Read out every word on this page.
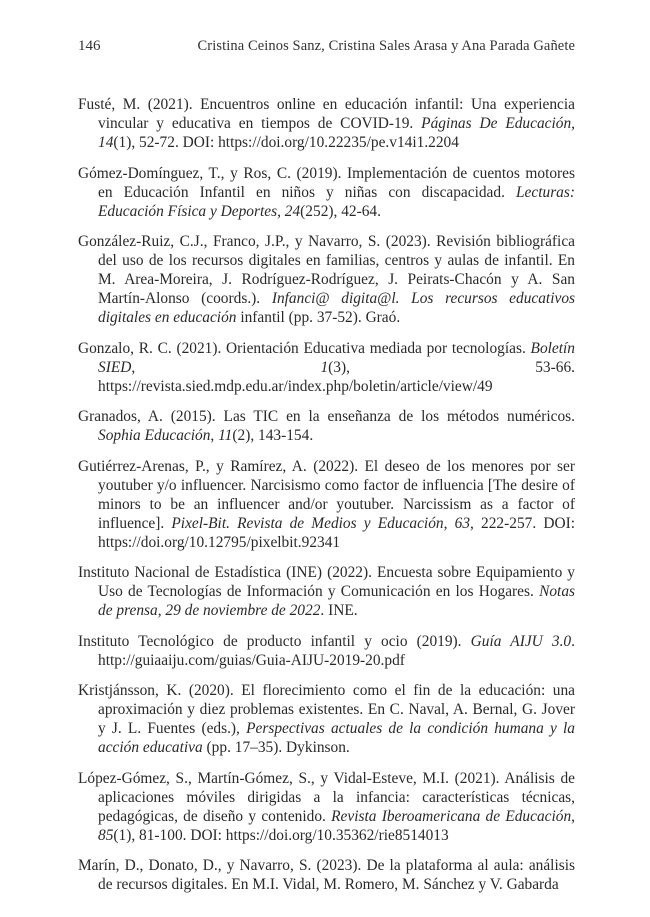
146	Cristina Ceinos Sanz, Cristina Sales Arasa y Ana Parada Gañete

Fusté, M. (2021). Encuentros online en educación infantil: Una experiencia vincular y educativa en tiempos de COVID-19. Páginas De Educación, 14(1), 52-72. DOI: https://doi.org/10.22235/pe.v14i1.2204

Gómez-Domínguez, T., y Ros, C. (2019). Implementación de cuentos motores en Educación Infantil en niños y niñas con discapacidad. Lecturas: Educación Física y Deportes, 24(252), 42-64.

González-Ruiz, C.J., Franco, J.P., y Navarro, S. (2023). Revisión bibliográfica del uso de los recursos digitales en familias, centros y aulas de infantil. En M. Area-Moreira, J. Rodríguez-Rodríguez, J. Peirats-Chacón y A. San Martín-Alonso (coords.). Infanci@ digita@l. Los recursos educativos digitales en educación infantil (pp. 37-52). Graó.

Gonzalo, R. C. (2021). Orientación Educativa mediada por tecnologías. Boletín SIED, 1(3), 53-66. https://revista.sied.mdp.edu.ar/index.php/boletin/article/view/49

Granados, A. (2015). Las TIC en la enseñanza de los métodos numéricos. Sophia Educación, 11(2), 143-154.

Gutiérrez-Arenas, P., y Ramírez, A. (2022). El deseo de los menores por ser youtuber y/o influencer. Narcisismo como factor de influencia [The desire of minors to be an influencer and/or youtuber. Narcissism as a factor of influence]. Pixel-Bit. Revista de Medios y Educación, 63, 222-257. DOI: https://doi.org/10.12795/pixelbit.92341

Instituto Nacional de Estadística (INE) (2022). Encuesta sobre Equipamiento y Uso de Tecnologías de Información y Comunicación en los Hogares. Notas de prensa, 29 de noviembre de 2022. INE.

Instituto Tecnológico de producto infantil y ocio (2019). Guía AIJU 3.0. http://guiaaiju.com/guias/Guia-AIJU-2019-20.pdf

Kristjánsson, K. (2020). El florecimiento como el fin de la educación: una aproximación y diez problemas existentes. En C. Naval, A. Bernal, G. Jover y J. L. Fuentes (eds.), Perspectivas actuales de la condición humana y la acción educativa (pp. 17–35). Dykinson.

López-Gómez, S., Martín-Gómez, S., y Vidal-Esteve, M.I. (2021). Análisis de aplicaciones móviles dirigidas a la infancia: características técnicas, pedagógicas, de diseño y contenido. Revista Iberoamericana de Educación, 85(1), 81-100. DOI: https://doi.org/10.35362/rie8514013

Marín, D., Donato, D., y Navarro, S. (2023). De la plataforma al aula: análisis de recursos digitales. En M.I. Vidal, M. Romero, M. Sánchez y V. Gabarda
